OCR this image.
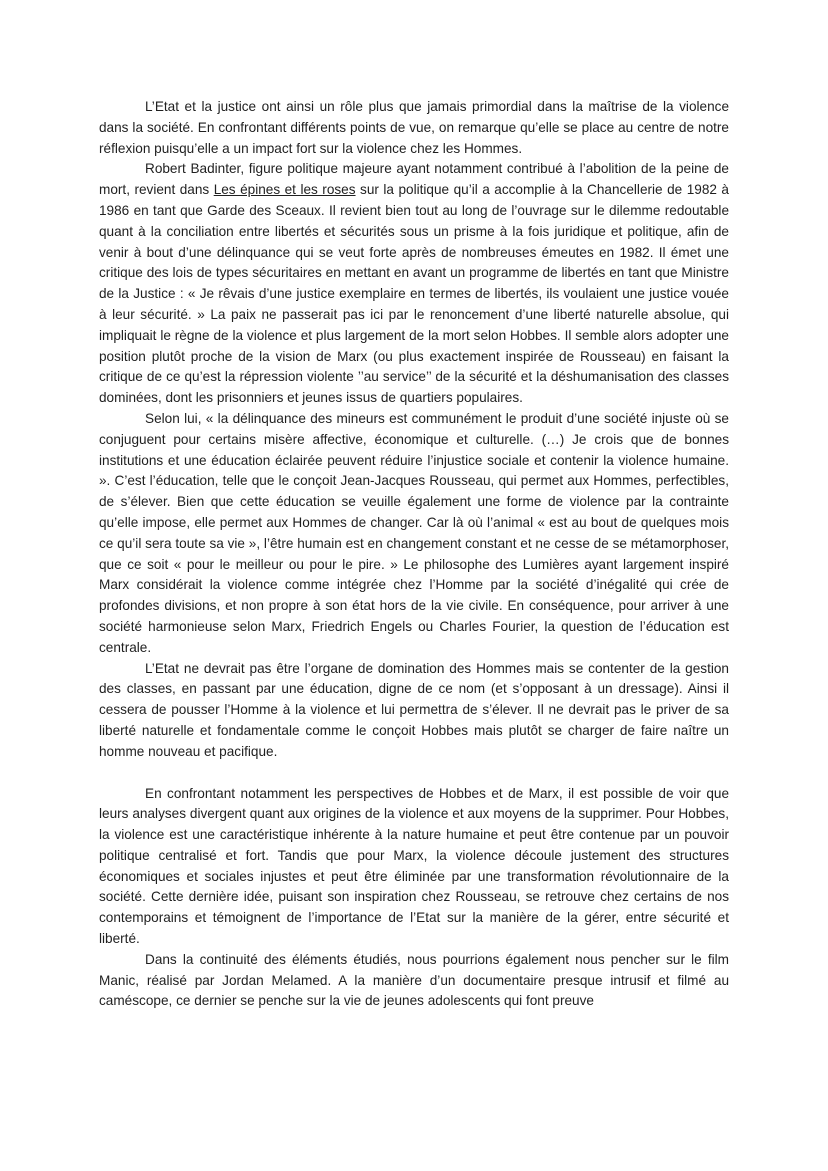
L’Etat et la justice ont ainsi un rôle plus que jamais primordial dans la maîtrise de la violence dans la société. En confrontant différents points de vue, on remarque qu’elle se place au centre de notre réflexion puisqu’elle a un impact fort sur la violence chez les Hommes.

Robert Badinter, figure politique majeure ayant notamment contribué à l’abolition de la peine de mort, revient dans Les épines et les roses sur la politique qu’il a accomplie à la Chancellerie de 1982 à 1986 en tant que Garde des Sceaux. Il revient bien tout au long de l’ouvrage sur le dilemme redoutable quant à la conciliation entre libertés et sécurités sous un prisme à la fois juridique et politique, afin de venir à bout d’une délinquance qui se veut forte après de nombreuses émeutes en 1982. Il émet une critique des lois de types sécuritaires en mettant en avant un programme de libertés en tant que Ministre de la Justice : « Je rêvais d’une justice exemplaire en termes de libertés, ils voulaient une justice vouée à leur sécurité. » La paix ne passerait pas ici par le renoncement d’une liberté naturelle absolue, qui impliquait le règne de la violence et plus largement de la mort selon Hobbes. Il semble alors adopter une position plutôt proche de la vision de Marx (ou plus exactement inspirée de Rousseau) en faisant la critique de ce qu’est la répression violente ’’au service’’ de la sécurité et la déshumanisation des classes dominées, dont les prisonniers et jeunes issus de quartiers populaires.

Selon lui, « la délinquance des mineurs est communément le produit d’une société injuste où se conjuguent pour certains misère affective, économique et culturelle. (…) Je crois que de bonnes institutions et une éducation éclairée peuvent réduire l’injustice sociale et contenir la violence humaine. ». C’est l’éducation, telle que le conçoit Jean-Jacques Rousseau, qui permet aux Hommes, perfectibles, de s’élever. Bien que cette éducation se veuille également une forme de violence par la contrainte qu’elle impose, elle permet aux Hommes de changer. Car là où l’animal « est au bout de quelques mois ce qu’il sera toute sa vie », l’être humain est en changement constant et ne cesse de se métamorphoser, que ce soit « pour le meilleur ou pour le pire. » Le philosophe des Lumières ayant largement inspiré Marx considérait la violence comme intégrée chez l’Homme par la société d’inégalité qui crée de profondes divisions, et non propre à son état hors de la vie civile. En conséquence, pour arriver à une société harmonieuse selon Marx, Friedrich Engels ou Charles Fourier, la question de l’éducation est centrale.

L’Etat ne devrait pas être l’organe de domination des Hommes mais se contenter de la gestion des classes, en passant par une éducation, digne de ce nom (et s’opposant à un dressage). Ainsi il cessera de pousser l’Homme à la violence et lui permettra de s’élever. Il ne devrait pas le priver de sa liberté naturelle et fondamentale comme le conçoit Hobbes mais plutôt se charger de faire naître un homme nouveau et pacifique.

En confrontant notamment les perspectives de Hobbes et de Marx, il est possible de voir que leurs analyses divergent quant aux origines de la violence et aux moyens de la supprimer. Pour Hobbes, la violence est une caractéristique inhérente à la nature humaine et peut être contenue par un pouvoir politique centralisé et fort. Tandis que pour Marx, la violence découle justement des structures économiques et sociales injustes et peut être éliminée par une transformation révolutionnaire de la société. Cette dernière idée, puisant son inspiration chez Rousseau, se retrouve chez certains de nos contemporains et témoignent de l’importance de l’Etat sur la manière de la gérer, entre sécurité et liberté.

Dans la continuité des éléments étudiés, nous pourrions également nous pencher sur le film Manic, réalisé par Jordan Melamed. A la manière d’un documentaire presque intrusif et filmé au caméscope, ce dernier se penche sur la vie de jeunes adolescents qui font preuve
